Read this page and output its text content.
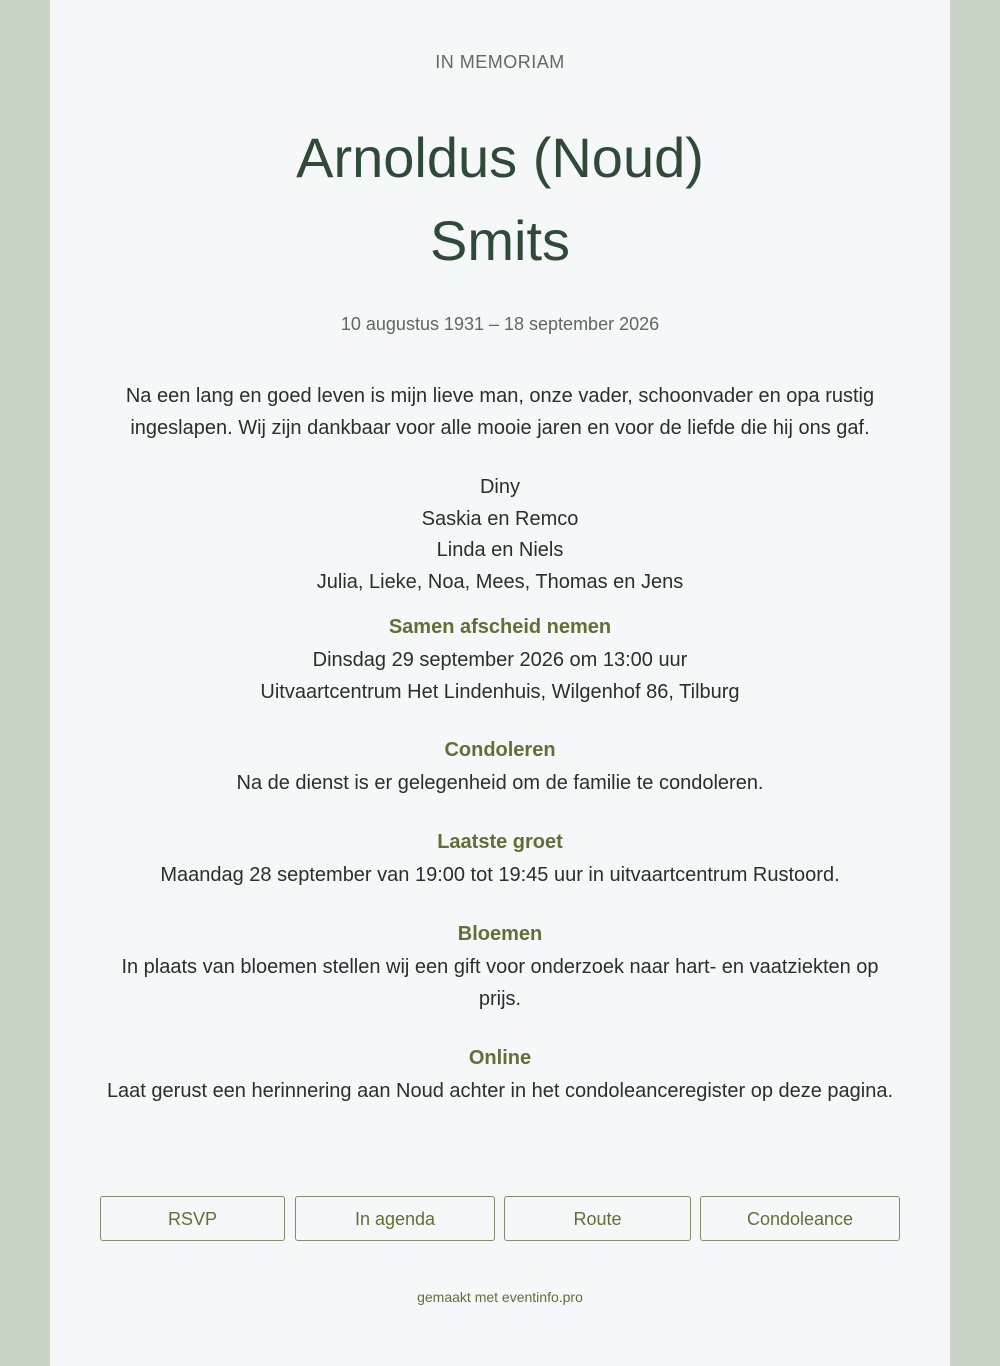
IN MEMORIAM
Arnoldus (Noud)
Smits
10 augustus 1931 – 18 september 2026
Na een lang en goed leven is mijn lieve man, onze vader, schoonvader en opa rustig ingeslapen. Wij zijn dankbaar voor alle mooie jaren en voor de liefde die hij ons gaf.
Diny
Saskia en Remco
Linda en Niels
Julia, Lieke, Noa, Mees, Thomas en Jens
Samen afscheid nemen
Dinsdag 29 september 2026 om 13:00 uur
Uitvaartcentrum Het Lindenhuis, Wilgenhof 86, Tilburg
Condoleren
Na de dienst is er gelegenheid om de familie te condoleren.
Laatste groet
Maandag 28 september van 19:00 tot 19:45 uur in uitvaartcentrum Rustoord.
Bloemen
In plaats van bloemen stellen wij een gift voor onderzoek naar hart- en vaatziekten op prijs.
Online
Laat gerust een herinnering aan Noud achter in het condoleanceregister op deze pagina.
RSVP	In agenda	Route	Condoleance
gemaakt met eventinfo.pro
